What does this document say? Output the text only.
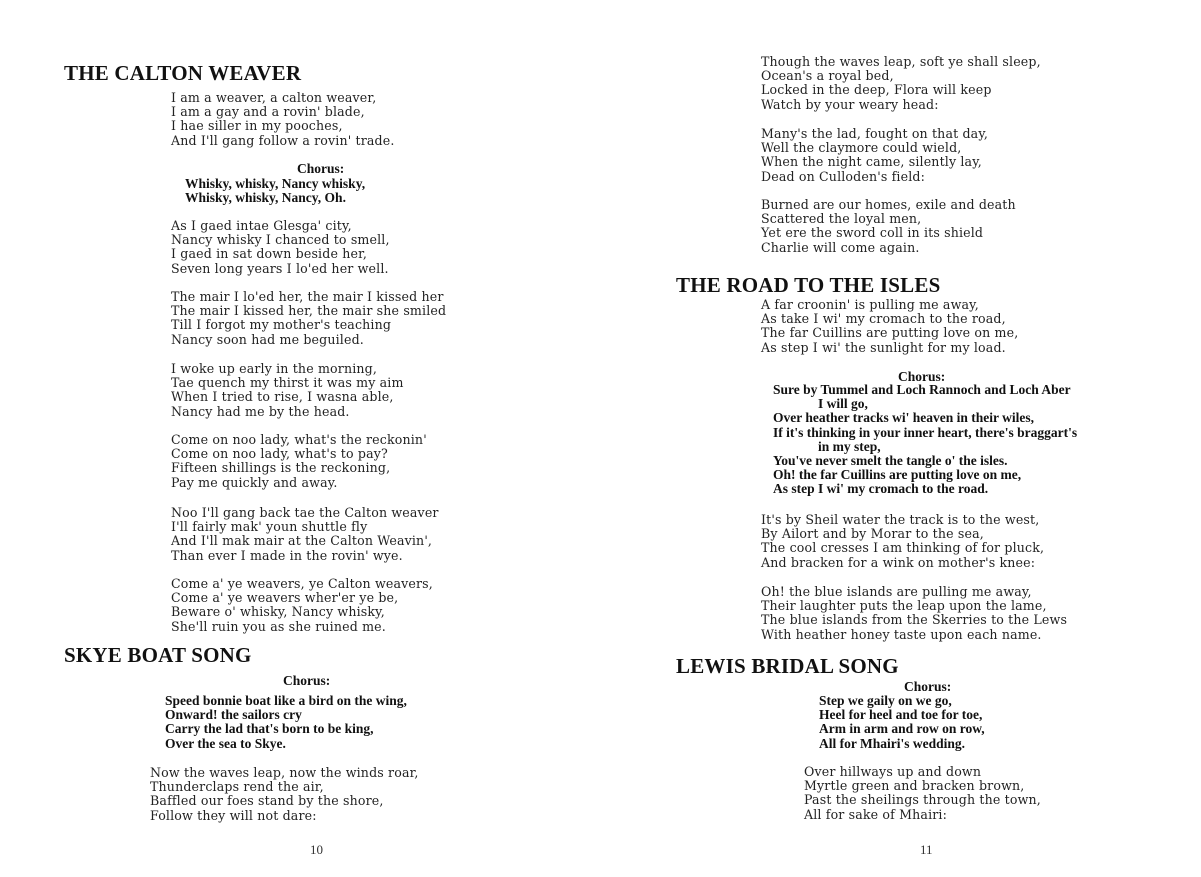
THE CALTON WEAVER
I am a weaver, a calton weaver,
I am a gay and a rovin' blade,
I hae siller in my pooches,
And I'll gang follow a rovin' trade.
Chorus:
Whisky, whisky, Nancy whisky,
Whisky, whisky, Nancy, Oh.
As I gaed intae Glesga' city,
Nancy whisky I chanced to smell,
I gaed in sat down beside her,
Seven long years I lo'ed her well.
The mair I lo'ed her, the mair I kissed her
The mair I kissed her, the mair she smiled
Till I forgot my mother's teaching
Nancy soon had me beguiled.
I woke up early in the morning,
Tae quench my thirst it was my aim
When I tried to rise, I wasna able,
Nancy had me by the head.
Come on noo lady, what's the reckonin'
Come on noo lady, what's to pay?
Fifteen shillings is the reckoning,
Pay me quickly and away.
Noo I'll gang back tae the Calton weaver
I'll fairly mak' youn shuttle fly
And I'll mak mair at the Calton Weavin',
Than ever I made in the rovin' wye.
Come a' ye weavers, ye Calton weavers,
Come a' ye weavers wher'er ye be,
Beware o' whisky, Nancy whisky,
She'll ruin you as she ruined me.
SKYE BOAT SONG
Chorus:
Speed bonnie boat like a bird on the wing,
Onward! the sailors cry
Carry the lad that's born to be king,
Over the sea to Skye.
Now the waves leap, now the winds roar,
Thunderclaps rend the air,
Baffled our foes stand by the shore,
Follow they will not dare:
10
Though the waves leap, soft ye shall sleep,
Ocean's a royal bed,
Locked in the deep, Flora will keep
Watch by your weary head:
Many's the lad, fought on that day,
Well the claymore could wield,
When the night came, silently lay,
Dead on Culloden's field:
Burned are our homes, exile and death
Scattered the loyal men,
Yet ere the sword coll in its shield
Charlie will come again.
THE ROAD TO THE ISLES
A far croonin' is pulling me away,
As take I wi' my cromach to the road,
The far Cuillins are putting love on me,
As step I wi' the sunlight for my load.
Chorus:
Sure by Tummel and Loch Rannoch and Loch Aber
I will go,
Over heather tracks wi' heaven in their wiles,
If it's thinking in your inner heart, there's braggart's
in my step,
You've never smelt the tangle o' the isles.
Oh! the far Cuillins are putting love on me,
As step I wi' my cromach to the road.
It's by Sheil water the track is to the west,
By Ailort and by Morar to the sea,
The cool cresses I am thinking of for pluck,
And bracken for a wink on mother's knee:
Oh! the blue islands are pulling me away,
Their laughter puts the leap upon the lame,
The blue islands from the Skerries to the Lews
With heather honey taste upon each name.
LEWIS BRIDAL SONG
Chorus:
Step we gaily on we go,
Heel for heel and toe for toe,
Arm in arm and row on row,
All for Mhairi's wedding.
Over hillways up and down
Myrtle green and bracken brown,
Past the sheilings through the town,
All for sake of Mhairi:
11
